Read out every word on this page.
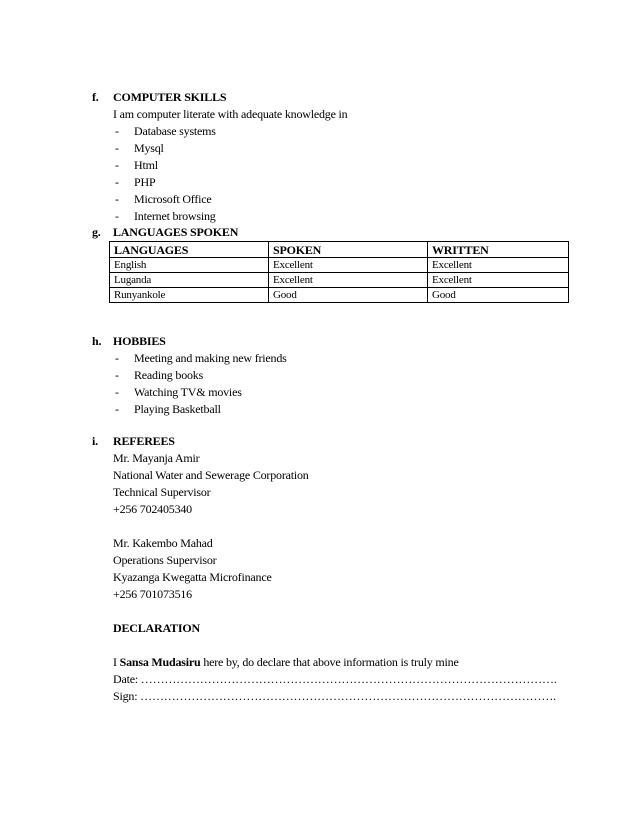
f. COMPUTER SKILLS
I am computer literate with adequate knowledge in
- Database systems
- Mysql
- Html
- PHP
- Microsoft Office
- Internet browsing
g. LANGUAGES SPOKEN
LANGUAGES	SPOKEN	WRITTEN
English	Excellent	Excellent
Luganda	Excellent	Excellent
Runyankole	Good	Good
h. HOBBIES
- Meeting and making new friends
- Reading books
- Watching TV& movies
- Playing Basketball
i. REFEREES
Mr. Mayanja Amir
National Water and Sewerage Corporation
Technical Supervisor
+256 702405340
Mr. Kakembo Mahad
Operations Supervisor
Kyazanga Kwegatta Microfinance
+256 701073516
DECLARATION
I Sansa Mudasiru here by, do declare that above information is truly mine
Date: …………………………………………………………………………………………….
Sign: …………………………………………………………………………………………….
